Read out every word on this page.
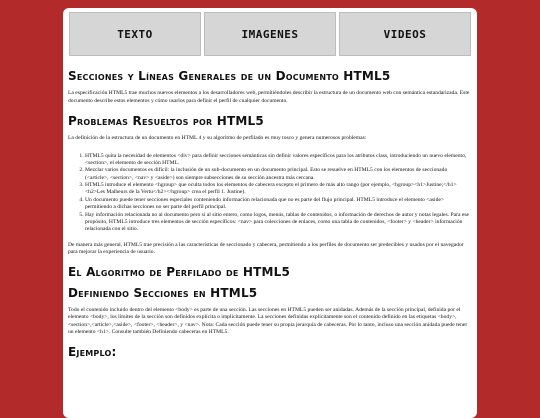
TEXTO	IMAGENES	VIDEOS
Secciones y Líneas Generales de un Documento HTML5

La especificación HTML5 trae muchos nuevos elementos a los desarrolladores web, permitiéndoles describir la estructura de un documento web con semántica estandarizada. Este documento describe estos elementos y cómo usarlos para definir el perfil de cualquier documento.

Problemas Resueltos por HTML5

La definición de la estructura de un documento en HTML 4 y su algoritmo de perfilado es muy tosco y genera numerosos problemas:

1. HTML5 quita la necesidad de elementos <div> para definir secciones semánticas sin definir valores específicos para los atributos class, introduciendo un nuevo elemento, <section>, el elemento de sección HTML.
2. Mezclar varios documentos es difícil: la inclusión de un sub-documento en un documento principal. Esto se resuelve en HTML5 con los elementos de seccionado (<article>, <section>, <nav> y <aside>) son siempre subsecciones de su sección ancestra más cercana.
3. HTML5 introduce el elemento <hgroup> que oculta todos los elementos de cabecera excepto el primero de más alto rango (por ejemplo, <hgroup><h1>Justine;</h1><h2>Les Malheurs de la Vertu</h2></hgroup> crea el perfil 1. Justine).
4. Un documento puede tener secciones especiales conteniendo información relacionada que no es parte del flujo principal. HTML5 introduce el elemento <aside> permitiendo a dichas secciones no ser parte del perfil principal.
5. Hay información relacionada no al documento pero sí al sitio entero, como logos, menús, tablas de contenidos, o información de derechos de autor y notas legales. Para ese propósito, HTML5 introduce tres elementos de sección específicos: <nav> para colecciones de enlaces, como una tabla de contenidos, <footer> y <header> información relacionada con el sitio.

De manera más general, HTML5 trae precisión a las características de seccionado y cabecera, permitiendo a los perfiles de documento ser predecibles y usados por el navegador para mejorar la experiencia de usuario.

El Algoritmo de Perfilado de HTML5
Definiendo Secciones en HTML5

Todo el contenido incluido dentro del elemento <body> es parte de una sección. Las secciones en HTML5 pueden ser anidadas. Además de la sección principal, definida por el elemento <body>, los límites de la sección son definidos explícita o implícitamente. La secciones definidas explícitamente son el contenido definido en las etiquetas <body>,<section>,<article>,<aside>, <footer>, <header>, y <nav>. Nota: Cada sección puede tener su propia jerarquía de cabeceras. Por lo tanto, incluso una sección anidada puede tener un elemento <h1>. Consulte también Definiendo cabeceras en HTML5.

Ejemplo:
